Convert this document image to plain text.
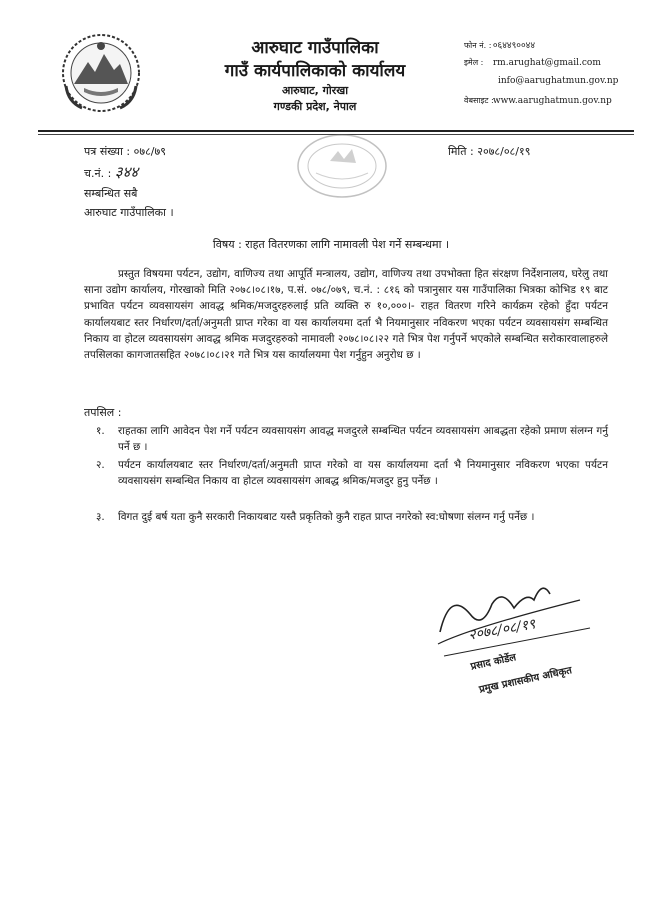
आरुघाट गाउँपालिका
गाउँ कार्यपालिकाको कार्यालय
आरुघाट, गोरखा
गण्डकी प्रदेश, नेपाल
फोन नं. : ०६४४९००४४
इमेल : rm.arughat@gmail.com
info@aarughatmun.gov.np
वेबसाइट : www.aarughatmun.gov.np
पत्र संख्या : ०७८/७९
च.नं. : ३४४
मिति : २०७८/०८/१९
सम्बन्धित सबै
आरुघाट गाउँपालिका ।
विषय : राहत वितरणका लागि नामावली पेश गर्ने सम्बन्धमा ।

प्रस्तुत विषयमा पर्यटन, उद्योग, वाणिज्य तथा आपूर्ति मन्त्रालय, उद्योग, वाणिज्य तथा उपभोक्ता हित संरक्षण निर्देशनालय, घरेलु तथा साना उद्योग कार्यालय, गोरखाको मिति २०७८।०८।१७, प.सं. ०७८/०७९, च.नं. : ८१६ को पत्रानुसार यस गाउँपालिका भित्रका कोभिड १९ बाट प्रभावित पर्यटन व्यवसायसंग आवद्ध श्रमिक/मजदुरहरुलाई प्रति व्यक्ति रु १०,०००।- राहत वितरण गरिने कार्यक्रम रहेको हुँदा पर्यटन कार्यालयबाट स्तर निर्धारण/दर्ता/अनुमती प्राप्त गरेका वा यस कार्यालयमा दर्ता भै नियमानुसार नविकरण भएका पर्यटन व्यवसायसंग सम्बन्धित निकाय वा होटल व्यवसायसंग आवद्ध श्रमिक मजदुरहरुको नामावली २०७८।०८।२२ गते भित्र पेश गर्नुपर्ने भएकोले सम्बन्धित सरोकारवालाहरुले तपसिलका कागजातसहित २०७८।०८।२१ गते भित्र यस कार्यालयमा पेश गर्नुहुन अनुरोध छ ।

तपसिल :
१. राहतका लागि आवेदन पेश गर्ने पर्यटन व्यवसायसंग आवद्ध मजदुरले सम्बन्धित पर्यटन व्यवसायसंग आबद्धता रहेको प्रमाण संलग्न गर्नु पर्ने छ ।
२. पर्यटन कार्यालयबाट स्तर निर्धारण/दर्ता/अनुमती प्राप्त गरेको वा यस कार्यालयमा दर्ता भै नियमानुसार नविकरण भएका पर्यटन व्यवसायसंग सम्बन्धित निकाय वा होटल व्यवसायसंग आबद्ध श्रमिक/मजदुर हुनु पर्नेछ ।
३. विगत दुई बर्ष यता कुनै सरकारी निकायबाट यस्तै प्रकृतिको कुनै राहत प्राप्त नगरेको स्व:घोषणा संलग्न गर्नु पर्नेछ ।
२०७८/०८/१९
प्रसाद कोर्डेल
प्रमुख प्रशासकीय अधिकृत
